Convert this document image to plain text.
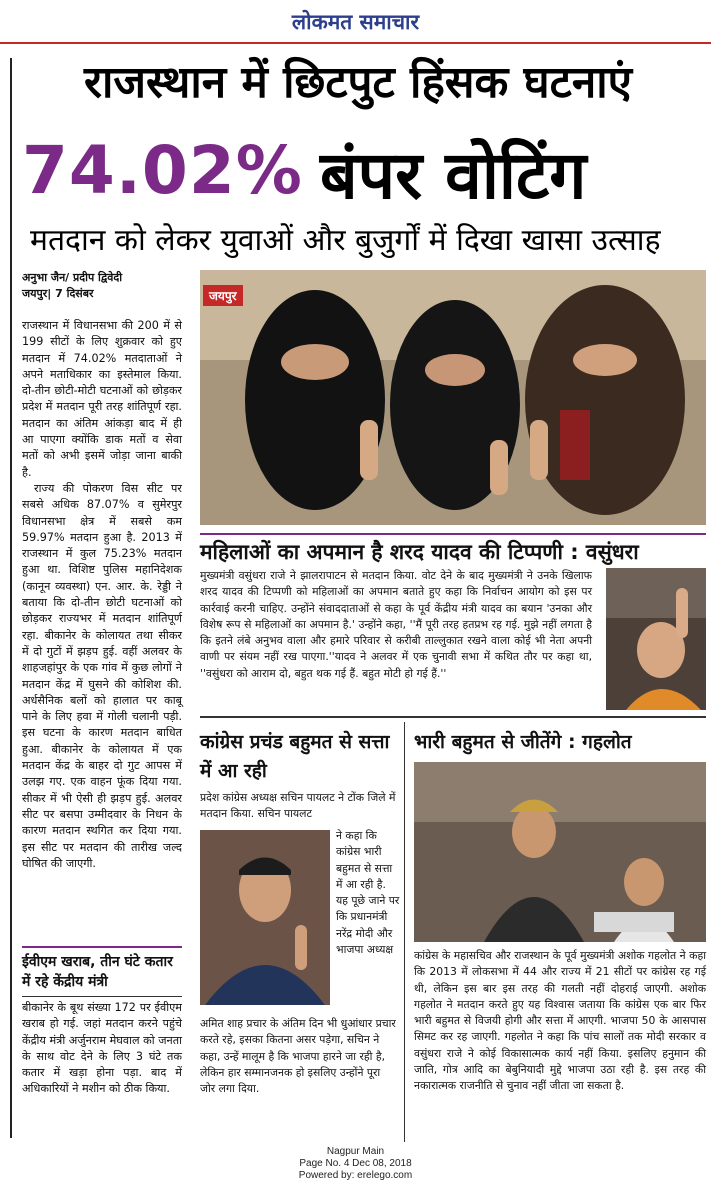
लोकमत समाचार
राजस्थान में छिटपुट हिंसक घटनाएं
74.02% बंपर वोटिंग
मतदान को लेकर युवाओं और बुजुर्गों में दिखा खासा उत्साह
अनुभा जैन/ प्रदीप द्विवेदी
जयपुर| 7 दिसंबर

राजस्थान में विधानसभा की 200 में से 199 सीटों के लिए शुक्रवार को हुए मतदान में 74.02% मतदाताओं ने अपने मताधिकार का इस्तेमाल किया. दो-तीन छोटी-मोटी घटनाओं को छोड़कर प्रदेश में मतदान पूरी तरह शांतिपूर्ण रहा. मतदान का अंतिम आंकड़ा बाद में ही आ पाएगा क्योंकि डाक मतों व सेवा मतों को अभी इसमें जोड़ा जाना बाकी है.

राज्य की पोकरण विस सीट पर सबसे अधिक 87.07% व सुमेरपुर विधानसभा क्षेत्र में सबसे कम 59.97% मतदान हुआ है. 2013 में राजस्थान में कुल 75.23% मतदान हुआ था. विशिष्ट पुलिस महानिदेशक (कानून व्यवस्था) एन. आर. के. रेड्डी ने बताया कि दो-तीन छोटी घटनाओं को छोड़कर राज्यभर में मतदान शांतिपूर्ण रहा. बीकानेर के कोलायत तथा सीकर में दो गुटों में झड़प हुई. वहीं अलवर के शाहजहांपुर के एक गांव में कुछ लोगों ने मतदान केंद्र में घुसने की कोशिश की. अर्धसैनिक बलों को हालात पर काबू पाने के लिए हवा में गोली चलानी पड़ी. इस घटना के कारण मतदान बाधित हुआ. बीकानेर के कोलायत में एक मतदान केंद्र के बाहर दो गुट आपस में उलझ गए. एक वाहन फूंक दिया गया. सीकर में भी ऐसी ही झड़प हुई. अलवर सीट पर बसपा उम्मीदवार के निधन के कारण मतदान स्थगित कर दिया गया. इस सीट पर मतदान की तारीख जल्द घोषित की जाएगी.

ईवीएम खराब, तीन घंटे कतार में रहे केंद्रीय मंत्री
बीकानेर के बूथ संख्या 172 पर ईवीएम खराब हो गई. जहां मतदान करने पहुंचे केंद्रीय मंत्री अर्जुनराम मेघवाल को जनता के साथ वोट देने के लिए 3 घंटे तक कतार में खड़ा होना पड़ा. बाद में अधिकारियों ने मशीन को ठीक किया.
जयपुर
महिलाओं का अपमान है शरद यादव की टिप्पणी : वसुंधरा
मुख्यमंत्री वसुंधरा राजे ने झालरापाटन से मतदान किया. वोट देने के बाद मुख्यमंत्री ने उनके खिलाफ शरद यादव की टिप्पणी को महिलाओं का अपमान बताते हुए कहा कि निर्वाचन आयोग को इस पर कार्रवाई करनी चाहिए. उन्होंने संवाददाताओं से कहा के पूर्व केंद्रीय मंत्री यादव का बयान 'उनका और विशेष रूप से महिलाओं का अपमान है.' उन्होंने कहा, ''मैं पूरी तरह हतप्रभ रह गई. मुझे नहीं लगता है कि इतने लंबे अनुभव वाला और हमारे परिवार से करीबी ताल्लुकात रखने वाला कोई भी नेता अपनी वाणी पर संयम नहीं रख पाएगा.''यादव ने अलवर में एक चुनावी सभा में कथित तौर पर कहा था, ''वसुंधरा को आराम दो, बहुत थक गई हैं. बहुत मोटी हो गई हैं.''
कांग्रेस प्रचंड बहुमत से सत्ता में आ रही
प्रदेश कांग्रेस अध्यक्ष सचिन पायलट ने टोंक जिले में मतदान किया. सचिन पायलट
ने कहा कि कांग्रेस भारी बहुमत से सत्ता में आ रही है. यह पूछे जाने पर कि प्रधानमंत्री नरेंद्र मोदी और भाजपा अध्यक्ष
अमित शाह प्रचार के अंतिम दिन भी धुआंधार प्रचार करते रहे, इसका कितना असर पड़ेगा, सचिन ने कहा, उन्हें मालूम है कि भाजपा हारने जा रही है, लेकिन हार सम्मानजनक हो इसलिए उन्होंने पूरा जोर लगा दिया.
भारी बहुमत से जीतेंगे : गहलोत
कांग्रेस के महासचिव और राजस्थान के पूर्व मुख्यमंत्री अशोक गहलोत ने कहा कि 2013 में लोकसभा में 44 और राज्य में 21 सीटों पर कांग्रेस रह गई थी, लेकिन इस बार इस तरह की गलती नहीं दोहराई जाएगी. अशोक गहलोत ने मतदान करते हुए यह विश्वास जताया कि कांग्रेस एक बार फिर भारी बहुमत से विजयी होगी और सत्ता में आएगी. भाजपा 50 के आसपास सिमट कर रह जाएगी. गहलोत ने कहा कि पांच सालों तक मोदी सरकार व वसुंधरा राजे ने कोई विकासात्मक कार्य नहीं किया. इसलिए हनुमान की जाति, गोत्र आदि का बेबुनियादी मुद्दे भाजपा उठा रही है. इस तरह की नकारात्मक राजनीति से चुनाव नहीं जीता जा सकता है.
Nagpur Main
Page No. 4 Dec 08, 2018
Powered by: erelego.com
